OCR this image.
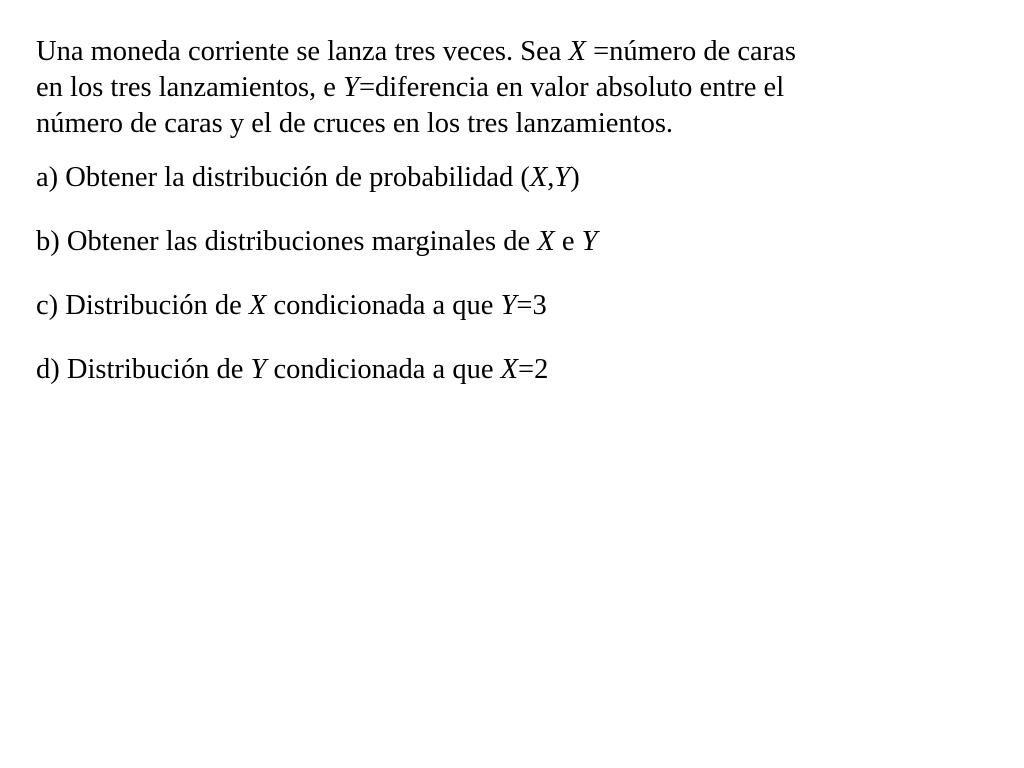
Una moneda corriente se lanza tres veces. Sea X =número de caras
en los tres lanzamientos, e Y=diferencia en valor absoluto entre el
número de caras y el de cruces en los tres lanzamientos.

a) Obtener la distribución de probabilidad (X,Y)

b) Obtener las distribuciones marginales de X e Y

c) Distribución de X condicionada a que Y=3

d) Distribución de Y condicionada a que X=2
